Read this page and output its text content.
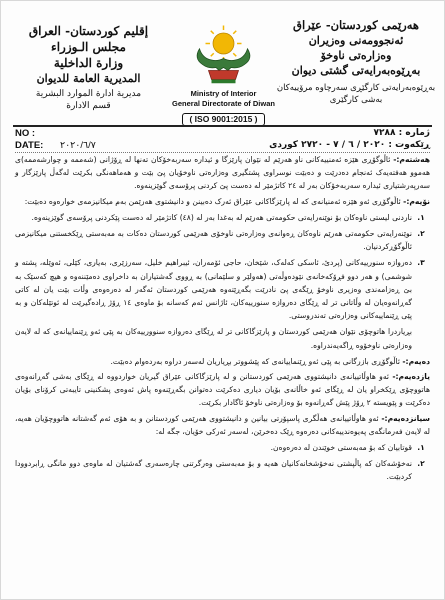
إقليم كوردستان- العراق
مجلس الـوزراء
وزارة الداخلية
المديرية العامة للديوان
مديرية ادارة الموارد البشرية
قسم الادارة
Ministry of Interior
General Directorate of Diwan
( ISO 9001:2015 )
هەرێمی كوردستان- عێراق
ئەنجوومەنی وەزیران
وەزارەتی ناوخۆ
بەڕێوەبەرایەتی گشتی دیوان
بەڕێوەبەرایەتی کارگێڕی سەرچاوە مرۆییەکان
بەشی کارگێری
NO :	ژمارە : ٧٢٨٨
DATE: ٢٠٢٠/٦/٧	ڕێکەوت : ٢٠٢٠ / ٦ / ٧ - ٢٧٢٠ کوردی

هەشتەم:- ئاڵوگۆڕی هێزە ئەمنییەکانی ناو هەرێم لە نێوان پارێزگا و ئیدارە سەربەخۆکان تەنها لە ڕۆژانی (شەممە و چوارشەممە)ی هەموو هەفتەیەک ئەنجام دەدرێت و دەبێت نوسراوی پشتگیری وەزارەتی ناوخۆیان پێ بێت و هەماهەنگی بکرێت لەگەڵ پارێزگار و سەرپەرشتیاری ئیدارە سەربەخۆکان بەر لە ٢٤ کاتژمێر لە دەست پێ کردنی پرۆسەی گوێزینەوە.

نۆیەم:- ئاڵوگۆڕی ئەو هێزە ئەمنیانەی کە لە پارێزگاکانی عێراق ئەرک دەبینن و دانیشتوی هەرێمن بەم میکانیزمەی خوارەوە دەبێت:

١.
ناردنی لیستی ناوەکان بۆ نوێنەرایەتی حکومەتی هەرێم لە بەغدا بەر لە (٤٨) کاتژمێر لە دەست پێکردنی پرۆسەی گوێزینەوە.
٢.
نوێنەرایەتی حکومەتی هەرێم ناوەکان ڕەوانەی وەزارەتی ناوخۆی هەرێمی کوردستان دەکات بە مەبەستی ڕێکخستنی میکانیزمی ئاڵوگۆڕکردنیان.
٣.
دەروازە سنورییەکانی (پردێ، ئاسکی کەلەک، شێخان، حاجی ئۆمەران، ئیبراهیم خلیل، سەرزێری، بەیاری، کێلی، ئەوێلە، پشتە و شوشمی) و هەر دوو فڕۆکەخانەی نێودەوڵەتی (هەولێر و سلێمانی) بە ڕووی گەشتیاران بە داخراوی دەمێننەوە و هیچ کەسێک بە بێ ڕەزامەندی وەزیری ناوخۆ ڕێگەی پێ نادرێت بگەڕێتەوە هەرێمی کوردستان ئەگەر لە دەرەوەی وڵات بێت یان لە کاتی گەڕانەوەیان لە وڵاتانی تر لە ڕێگای دەروازە سنورییەکان، ئاژانس ئەم کەسانە بۆ ماوەی ١٤ ڕۆژ ڕادەگیرێت لە ئوتێلەکان و بە پێی ڕێنماییەکانی وەزارەتی تەندروستی.
بڕیاردرا هاتوچۆی نێوان هەرێمی کوردستان و پارێزگاکانی تر لە ڕێگای دەروازە سنوورییەکان بە پێی ئەو ڕێنماییانەی کە لە لایەن وەزارەتی ناوخۆوە ڕاگەیەندراوە.

دەیەم:- ئاڵوگۆڕی بازرگانی بە پێی ئەو ڕێنماییانەی کە پێشووتر بڕیاریان لەسەر دراوە بەردەوام دەبێت.

یازدەیەم:- ئەو هاوڵاتییانەی دانیشتووی هەرێمی کوردستانن و لە پارێزگاکانی عێراق گیریان خواردووە لە ڕێگای بەشی گەڕانەوەی هاتووچۆی ڕێکخراو یان لە ڕێگای ئەو خاڵانەی بۆیان دیاری دەکرێت دەتوانن بگەڕێنەوە پاش ئەوەی پشکنینی تایبەتی کرۆنای بۆیان دەکرێت و پێویستە ٢ ڕۆژ پێش گەڕانەوە بۆ وەزارەتی ناوخۆ ئاگادار بکرێت.

سیانزدەیەم:- ئەو هاوڵاتییانەی هەڵگری پاسپۆرتی بیانین و دانیشتووی هەرێمی کوردستانن و بە هۆی ئەم گەشتانە هاتووچۆیان هەیە، لە لایەن فەرمانگەی پەیوەندییەکانی دەرەوە ڕێک دەخرێن، لەسەر ئەرکی خۆیان، جگە لە:

١.
قوتابیان کە بۆ مەبەستی خوێندن لە دەرەوەن.
٢.
نەخۆشەکان کە پاڵپشتی نەخۆشخانەکانیان هەیە و بۆ مەبەستی وەرگرتنی چارەسەری گەشتیان لە ماوەی دوو مانگی ڕابردوودا کردبێت.
